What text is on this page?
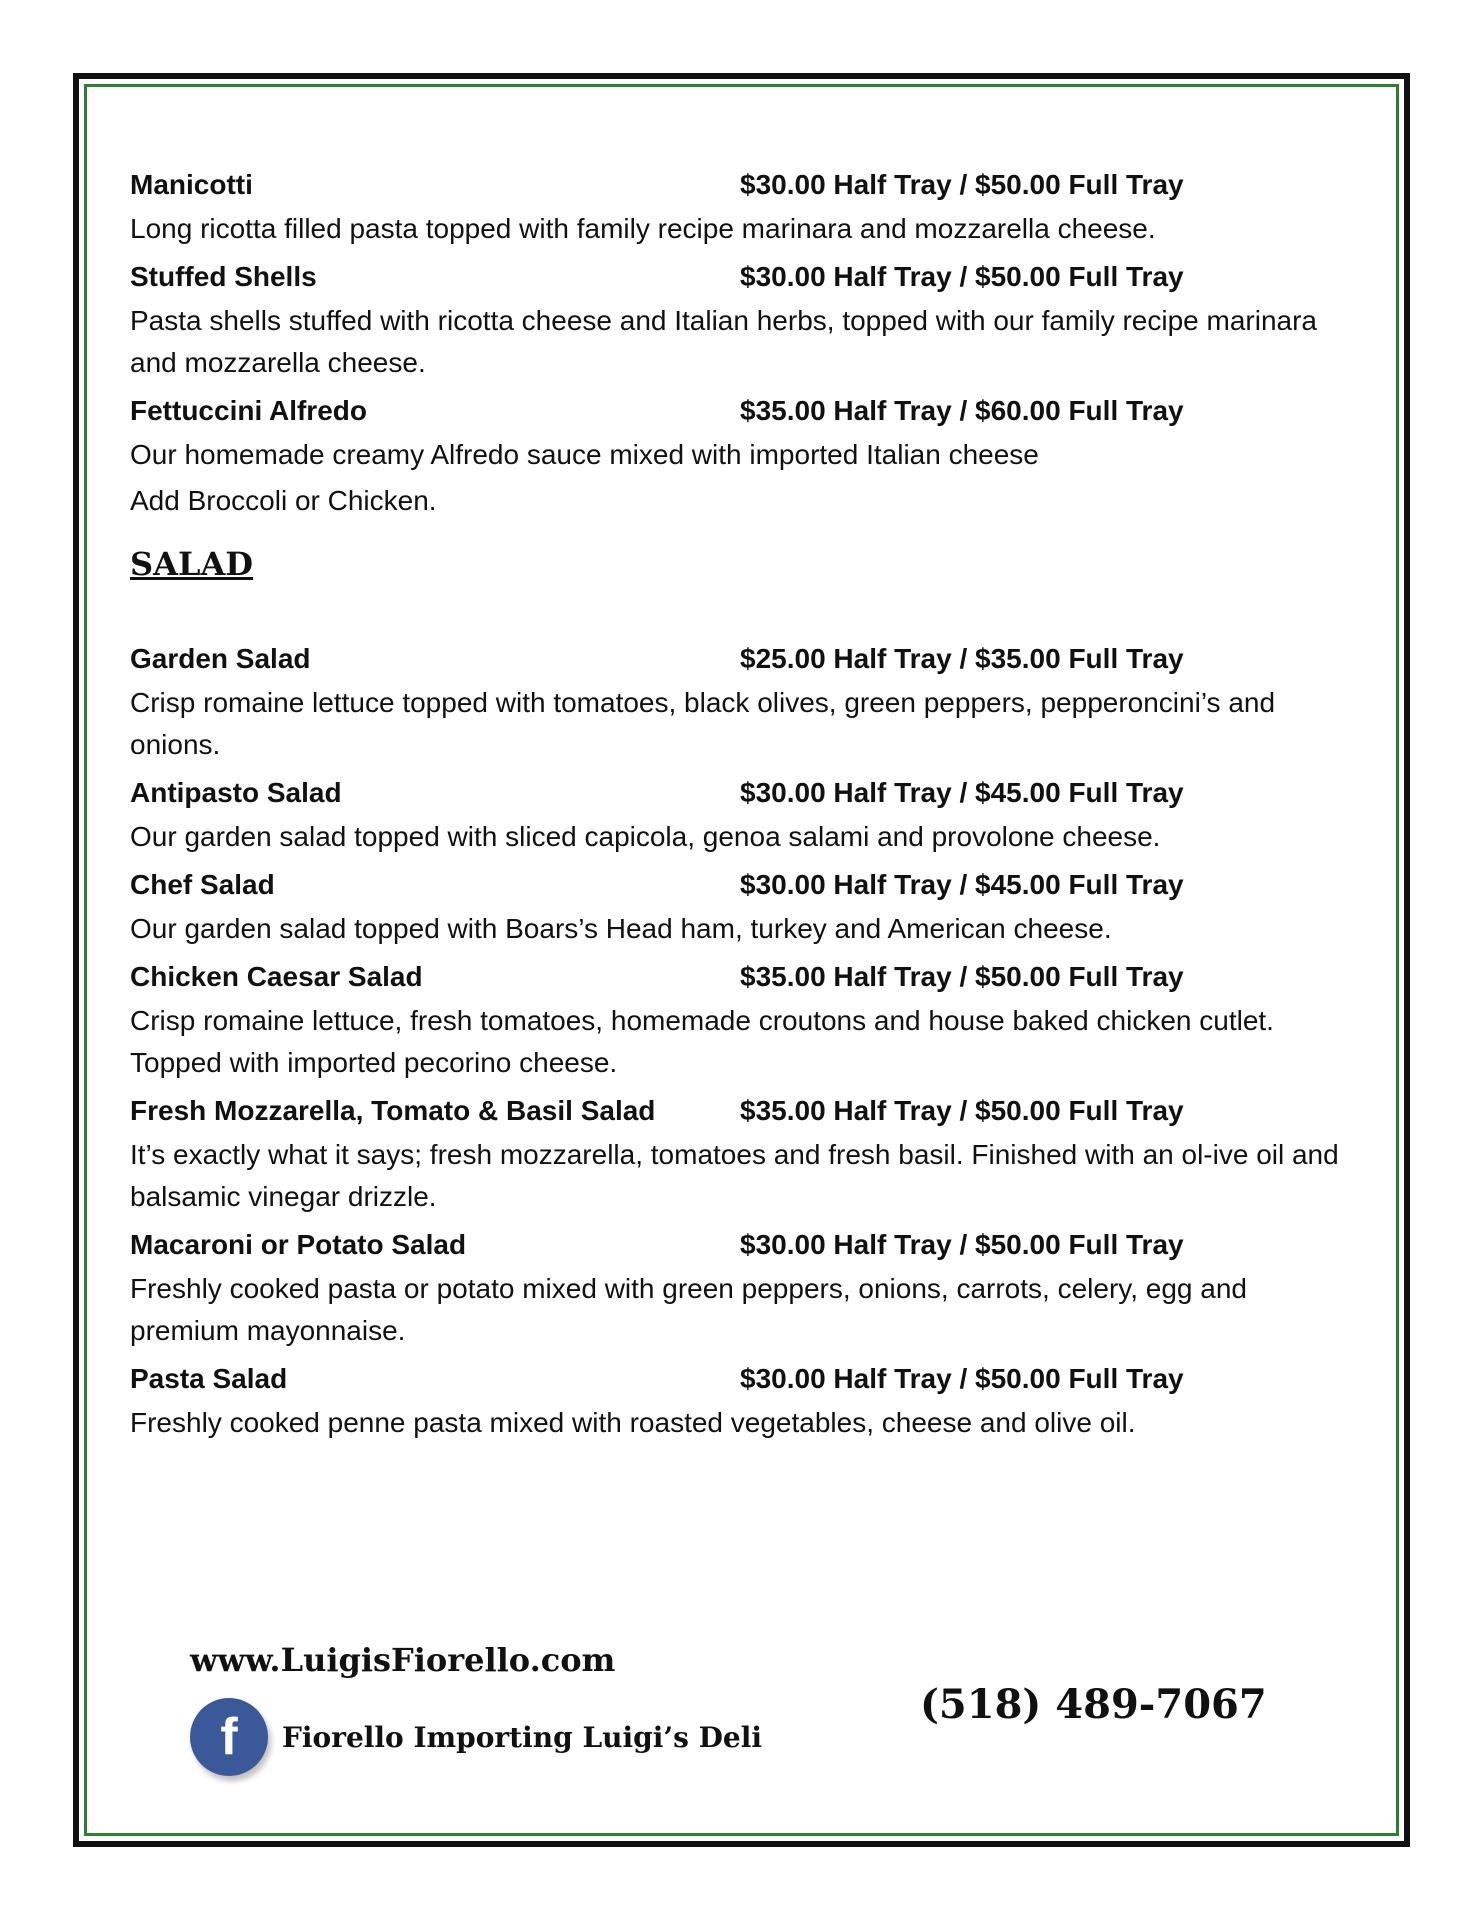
Manicotti	$30.00 Half Tray / $50.00 Full Tray
Long ricotta filled pasta topped with family recipe marinara and mozzarella cheese.
Stuffed Shells	$30.00 Half Tray / $50.00 Full Tray
Pasta shells stuffed with ricotta cheese and Italian herbs, topped with our family recipe marinara and mozzarella cheese.
Fettuccini Alfredo	$35.00 Half Tray / $60.00 Full Tray
Our homemade creamy Alfredo sauce mixed with imported Italian cheese
Add Broccoli or Chicken.
SALAD
Garden Salad	$25.00 Half Tray / $35.00 Full Tray
Crisp romaine lettuce topped with tomatoes, black olives, green peppers, pepperoncini’s and onions.
Antipasto Salad	$30.00 Half Tray / $45.00 Full Tray
Our garden salad topped with sliced capicola, genoa salami and provolone cheese.
Chef Salad	$30.00 Half Tray / $45.00 Full Tray
Our garden salad topped with Boars’s Head ham, turkey and American cheese.
Chicken Caesar Salad	$35.00 Half Tray / $50.00 Full Tray
Crisp romaine lettuce, fresh tomatoes, homemade croutons and house baked chicken cutlet. Topped with imported pecorino cheese.
Fresh Mozzarella, Tomato & Basil Salad	$35.00 Half Tray / $50.00 Full Tray
It’s exactly what it says; fresh mozzarella, tomatoes and fresh basil. Finished with an ol-ive oil and balsamic vinegar drizzle.
Macaroni or Potato Salad	$30.00 Half Tray / $50.00 Full Tray
Freshly cooked pasta or potato mixed with green peppers, onions, carrots, celery, egg and premium mayonnaise.
Pasta Salad	$30.00 Half Tray / $50.00 Full Tray
Freshly cooked penne pasta mixed with roasted vegetables, cheese and olive oil.
www.LuigisFiorello.com
f	Fiorello Importing Luigi’s Deli
(518) 489-7067
